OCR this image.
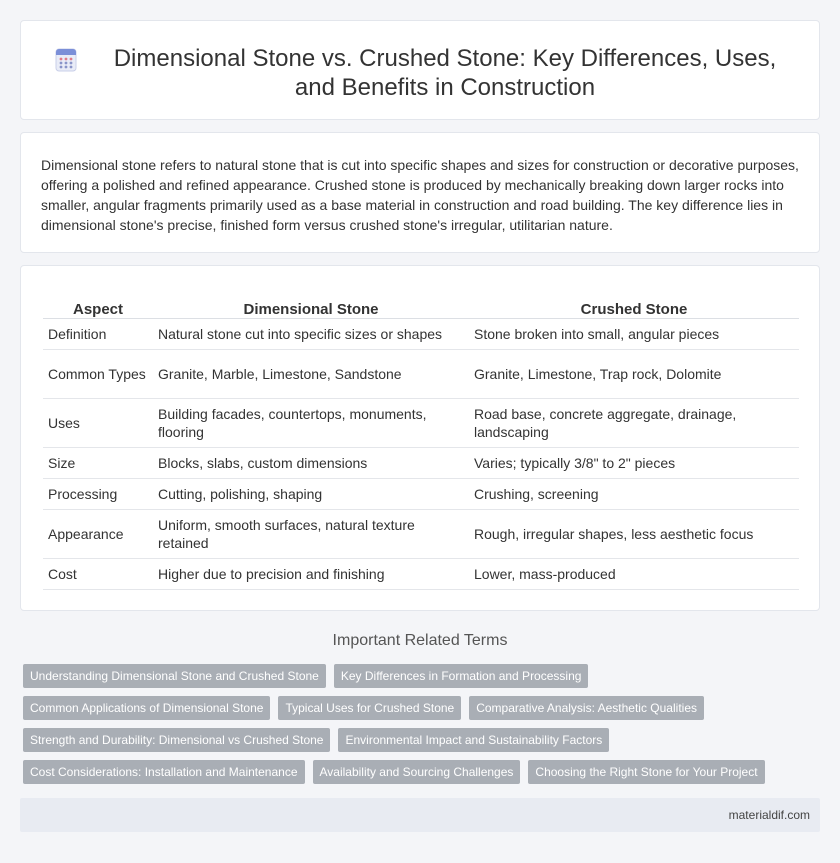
Dimensional Stone vs. Crushed Stone: Key Differences, Uses, and Benefits in Construction

Dimensional stone refers to natural stone that is cut into specific shapes and sizes for construction or decorative purposes, offering a polished and refined appearance. Crushed stone is produced by mechanically breaking down larger rocks into smaller, angular fragments primarily used as a base material in construction and road building. The key difference lies in dimensional stone's precise, finished form versus crushed stone's irregular, utilitarian nature.

Aspect	Dimensional Stone	Crushed Stone
Definition	Natural stone cut into specific sizes or shapes	Stone broken into small, angular pieces
Common Types	Granite, Marble, Limestone, Sandstone	Granite, Limestone, Trap rock, Dolomite
Uses	Building facades, countertops, monuments, flooring	Road base, concrete aggregate, drainage, landscaping
Size	Blocks, slabs, custom dimensions	Varies; typically 3/8" to 2" pieces
Processing	Cutting, polishing, shaping	Crushing, screening
Appearance	Uniform, smooth surfaces, natural texture retained	Rough, irregular shapes, less aesthetic focus
Cost	Higher due to precision and finishing	Lower, mass-produced
Important Related Terms
Understanding Dimensional Stone and Crushed Stone	Key Differences in Formation and Processing
Common Applications of Dimensional Stone	Typical Uses for Crushed Stone	Comparative Analysis: Aesthetic Qualities
Strength and Durability: Dimensional vs Crushed Stone	Environmental Impact and Sustainability Factors
Cost Considerations: Installation and Maintenance	Availability and Sourcing Challenges	Choosing the Right Stone for Your Project
materialdif.com
